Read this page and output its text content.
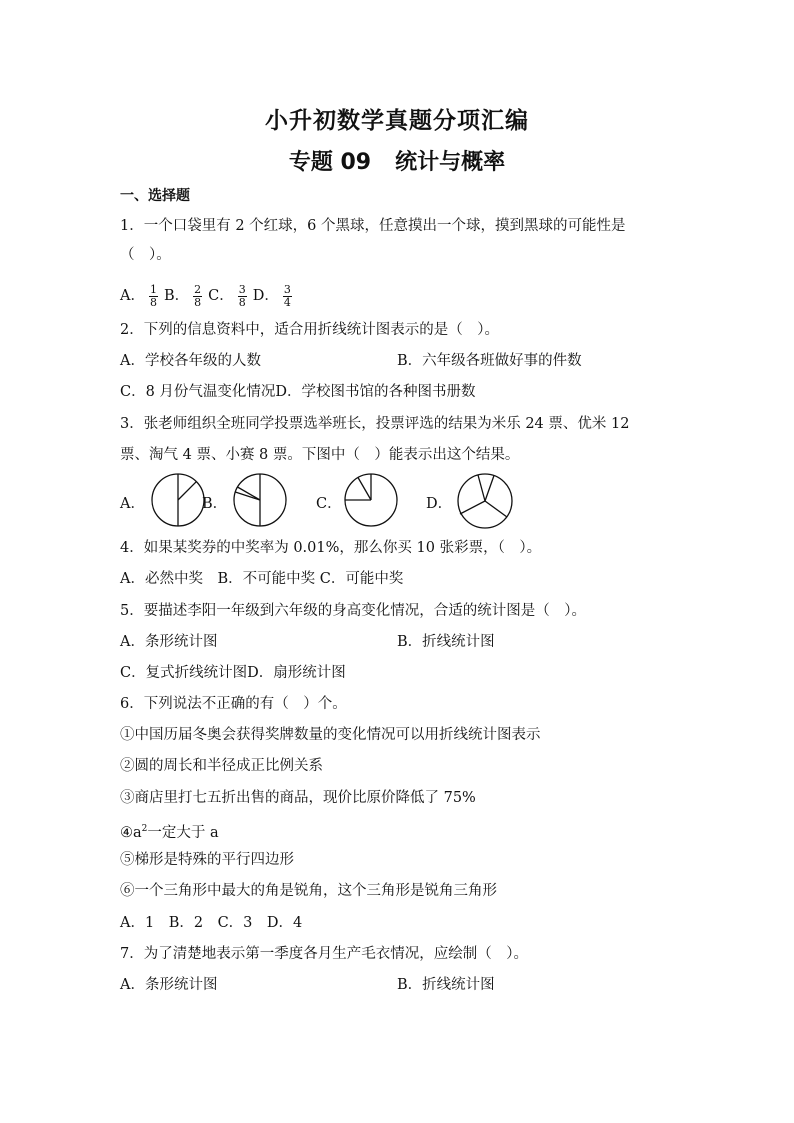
小升初数学真题分项汇编
专题 09 统计与概率
一、选择题
1．一个口袋里有 2 个红球，6 个黑球，任意摸出一个球，摸到黑球的可能性是
（　）。
A． $\frac{1}{8}$ B． $\frac{2}{8}$ C． $\frac{3}{8}$ D． $\frac{3}{4}$
2．下列的信息资料中，适合用折线统计图表示的是（　）。
A．学校各年级的人数	B．六年级各班做好事的件数
C．8 月份气温变化情况D．学校图书馆的各种图书册数
3．张老师组织全班同学投票选举班长，投票评选的结果为米乐 24 票、优米 12
票、淘气 4 票、小赛 8 票。下图中（　）能表示出这个结果。
A．	B．	C．	D．
4．如果某奖券的中奖率为 0.01%，那么你买 10 张彩票，（　）。
A．必然中奖　B．不可能中奖 C．可能中奖
5．要描述李阳一年级到六年级的身高变化情况，合适的统计图是（　）。
A．条形统计图	B．折线统计图
C．复式折线统计图D．扇形统计图
6．下列说法不正确的有（　）个。
①中国历届冬奥会获得奖牌数量的变化情况可以用折线统计图表示
②圆的周长和半径成正比例关系
③商店里打七五折出售的商品，现价比原价降低了 75%
$④a^2$一定大于 a
⑤梯形是特殊的平行四边形
⑥一个三角形中最大的角是锐角，这个三角形是锐角三角形
A．1　B．2　C．3　D．4
7．为了清楚地表示第一季度各月生产毛衣情况，应绘制（　）。
A．条形统计图	B．折线统计图
